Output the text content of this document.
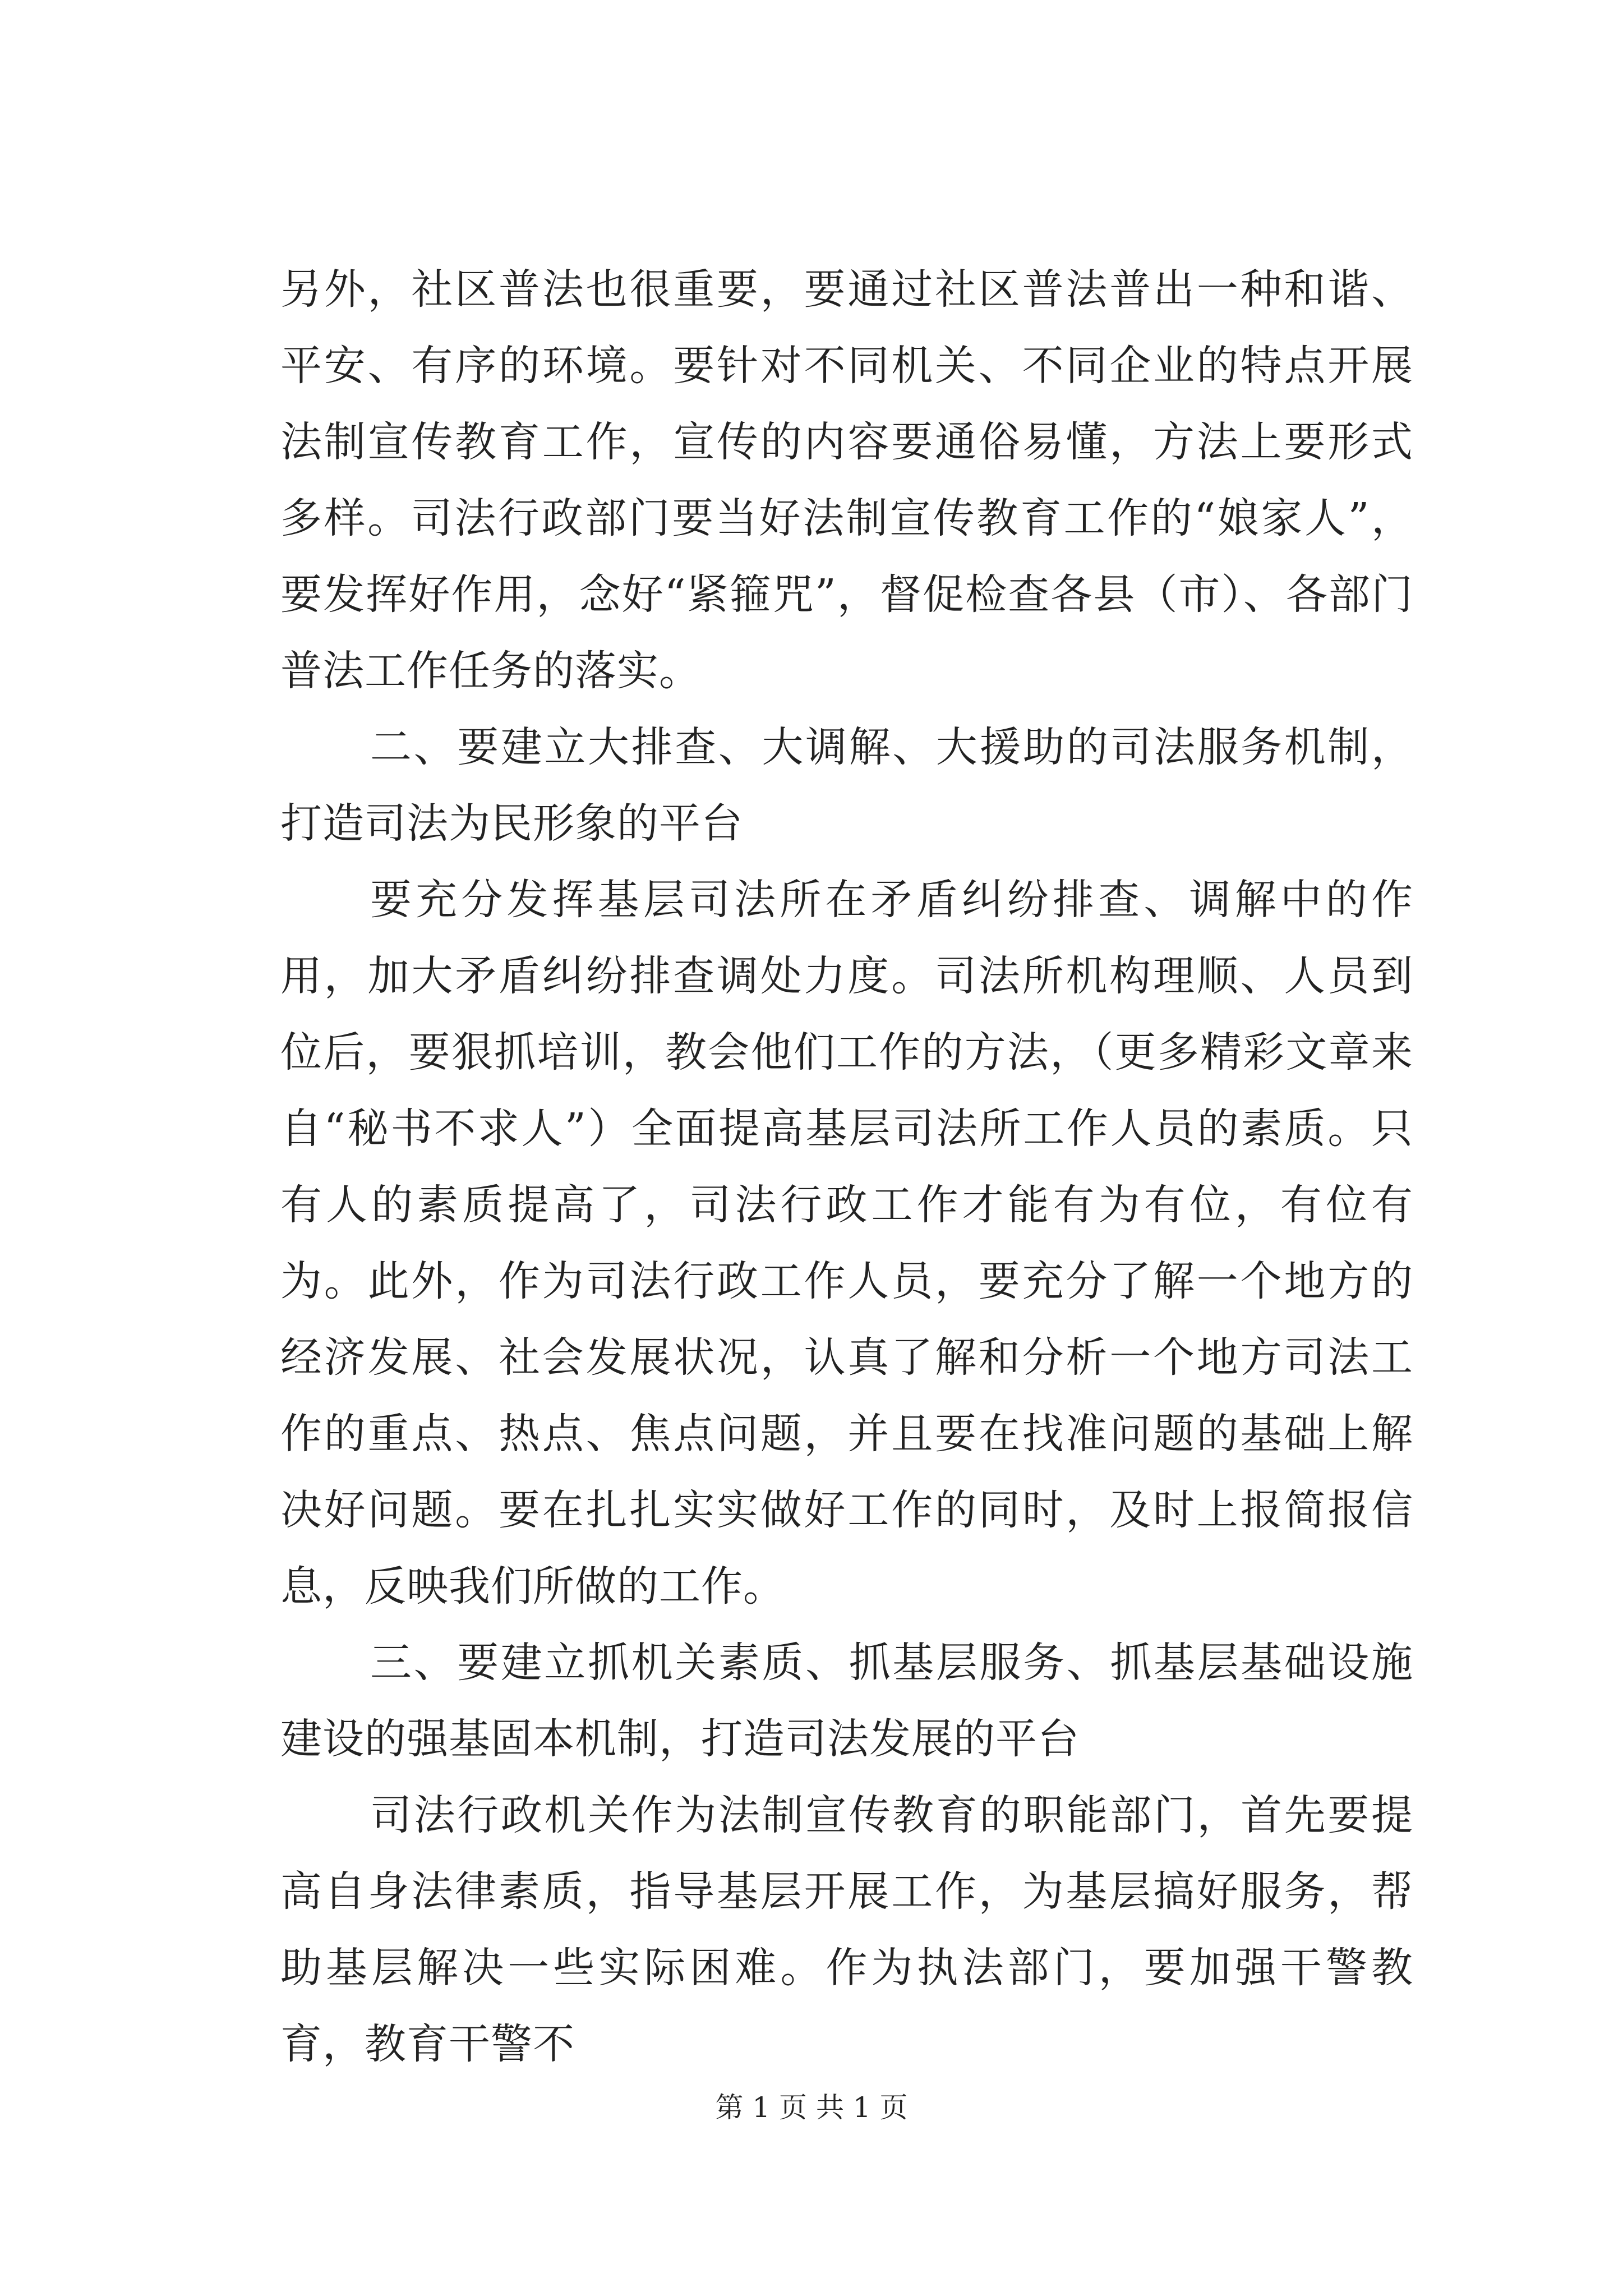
另外，社区普法也很重要，要通过社区普法普出一种和谐、平安、有序的环境。要针对不同机关、不同企业的特点开展法制宣传教育工作，宣传的内容要通俗易懂，方法上要形式多样。司法行政部门要当好法制宣传教育工作的“娘家人”，要发挥好作用，念好“紧箍咒”，督促检查各县（市）、各部门普法工作任务的落实。

二、要建立大排查、大调解、大援助的司法服务机制，打造司法为民形象的平台

要充分发挥基层司法所在矛盾纠纷排查、调解中的作用，加大矛盾纠纷排查调处力度。司法所机构理顺、人员到位后，要狠抓培训，教会他们工作的方法，（更多精彩文章来自“秘书不求人”）全面提高基层司法所工作人员的素质。只有人的素质提高了，司法行政工作才能有为有位，有位有为。此外，作为司法行政工作人员，要充分了解一个地方的经济发展、社会发展状况，认真了解和分析一个地方司法工作的重点、热点、焦点问题，并且要在找准问题的基础上解决好问题。要在扎扎实实做好工作的同时，及时上报简报信息，反映我们所做的工作。

三、要建立抓机关素质、抓基层服务、抓基层基础设施建设的强基固本机制，打造司法发展的平台

司法行政机关作为法制宣传教育的职能部门，首先要提高自身法律素质，指导基层开展工作，为基层搞好服务，帮助基层解决一些实际困难。作为执法部门，要加强干警教育，教育干警不

第 1 页 共 1 页
